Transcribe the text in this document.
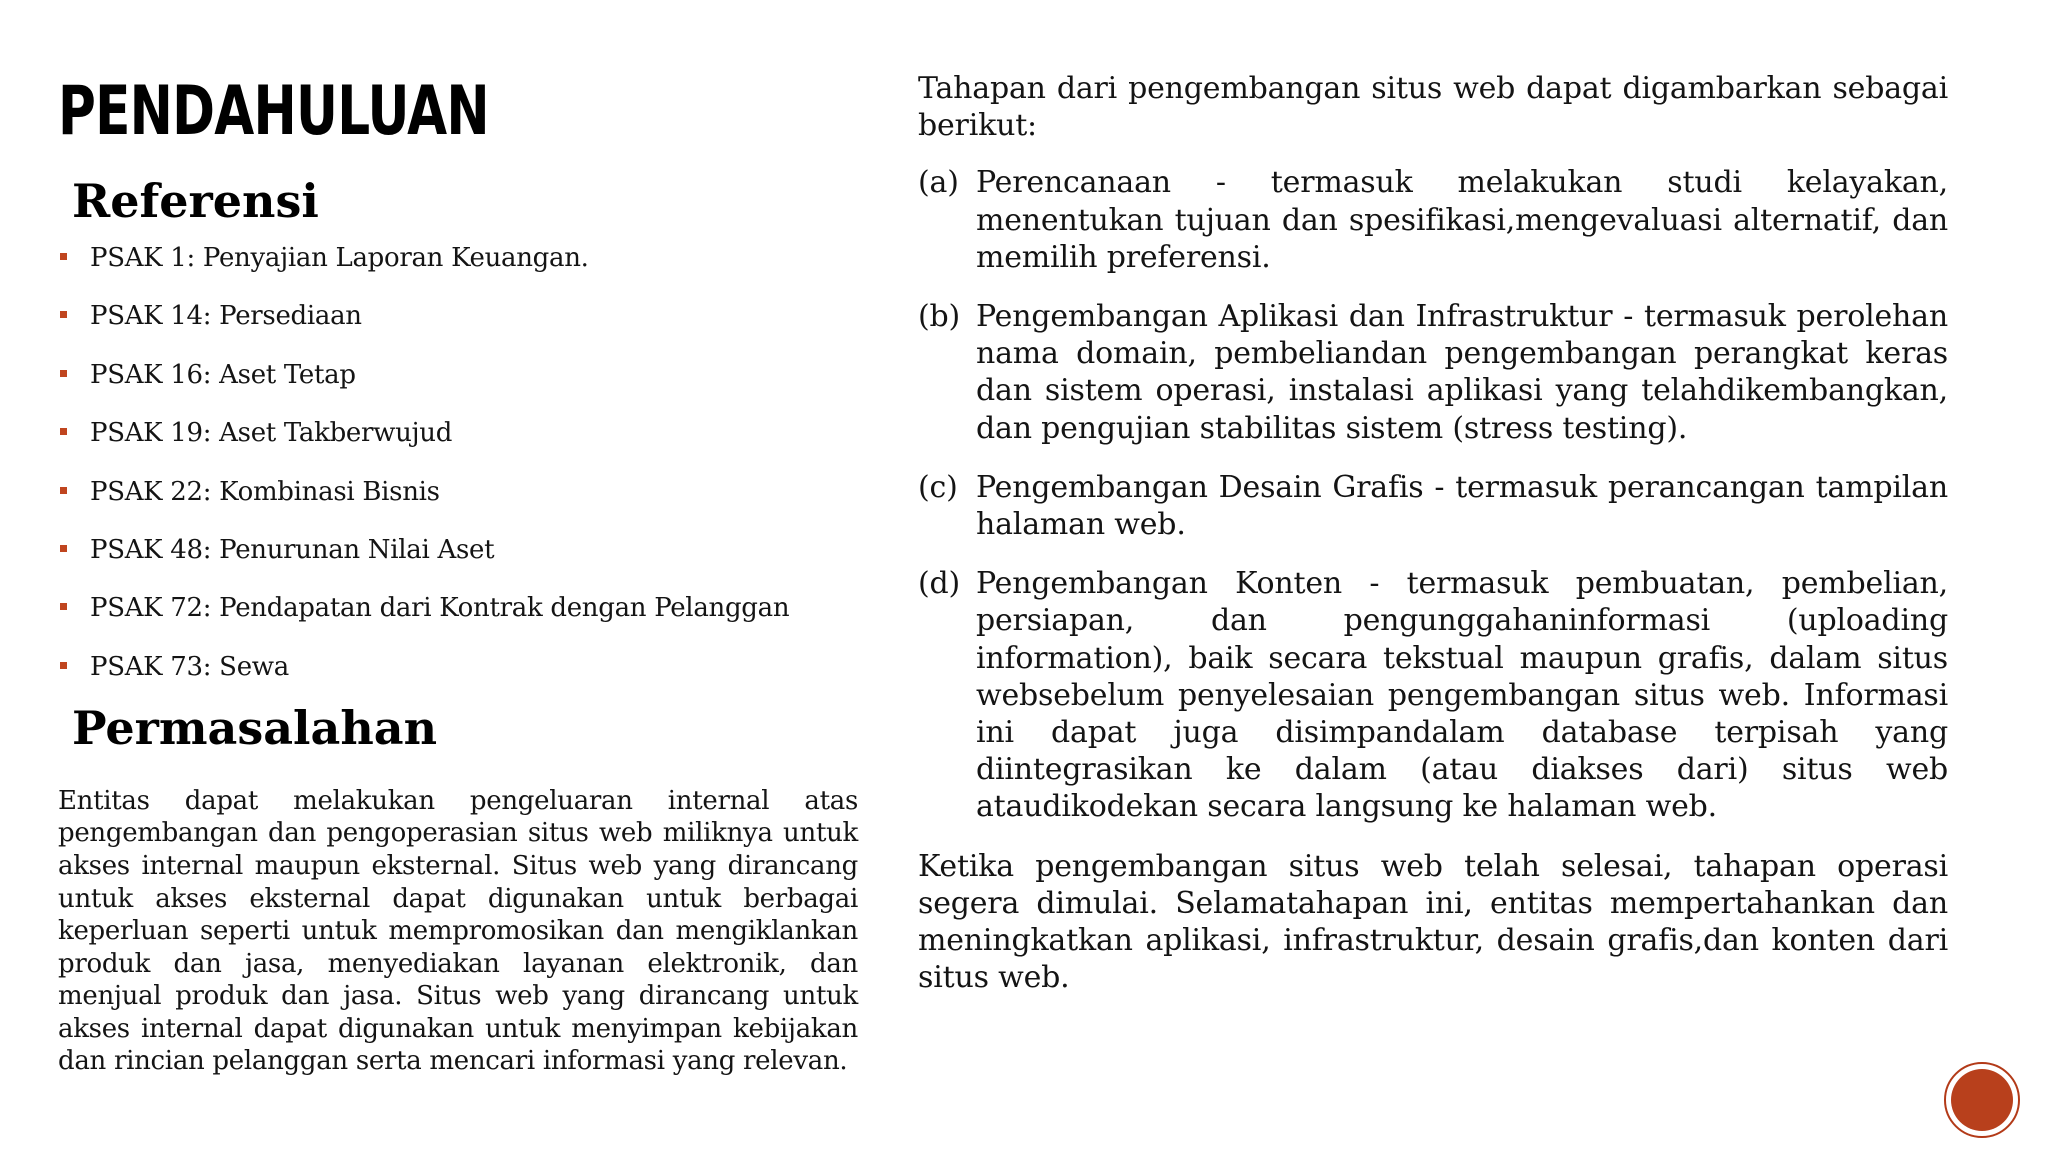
PENDAHULUAN
Referensi
PSAK 1: Penyajian Laporan Keuangan.
PSAK 14: Persediaan
PSAK 16: Aset Tetap
PSAK 19: Aset Takberwujud
PSAK 22: Kombinasi Bisnis
PSAK 48: Penurunan Nilai Aset
PSAK 72: Pendapatan dari Kontrak dengan Pelanggan
PSAK 73: Sewa
Permasalahan

Entitas dapat melakukan pengeluaran internal atas pengembangan dan pengoperasian situs web miliknya untuk akses internal maupun eksternal. Situs web yang dirancang untuk akses eksternal dapat digunakan untuk berbagai keperluan seperti untuk mempromosikan dan mengiklankan produk dan jasa, menyediakan layanan elektronik, dan menjual produk dan jasa. Situs web yang dirancang untuk akses internal dapat digunakan untuk menyimpan kebijakan dan rincian pelanggan serta mencari informasi yang relevan.

Tahapan dari pengembangan situs web dapat digambarkan sebagai berikut:

(a) Perencanaan - termasuk melakukan studi kelayakan, menentukan tujuan dan spesifikasi,mengevaluasi alternatif, dan memilih preferensi.
(b) Pengembangan Aplikasi dan Infrastruktur - termasuk perolehan nama domain, pembeliandan pengembangan perangkat keras dan sistem operasi, instalasi aplikasi yang telahdikembangkan, dan pengujian stabilitas sistem (stress testing).
(c) Pengembangan Desain Grafis - termasuk perancangan tampilan halaman web.
(d) Pengembangan Konten - termasuk pembuatan, pembelian, persiapan, dan pengunggahaninformasi (uploading information), baik secara tekstual maupun grafis, dalam situs websebelum penyelesaian pengembangan situs web. Informasi ini dapat juga disimpandalam database terpisah yang diintegrasikan ke dalam (atau diakses dari) situs web ataudikodekan secara langsung ke halaman web.

Ketika pengembangan situs web telah selesai, tahapan operasi segera dimulai. Selamatahapan ini, entitas mempertahankan dan meningkatkan aplikasi, infrastruktur, desain grafis,dan konten dari situs web.
